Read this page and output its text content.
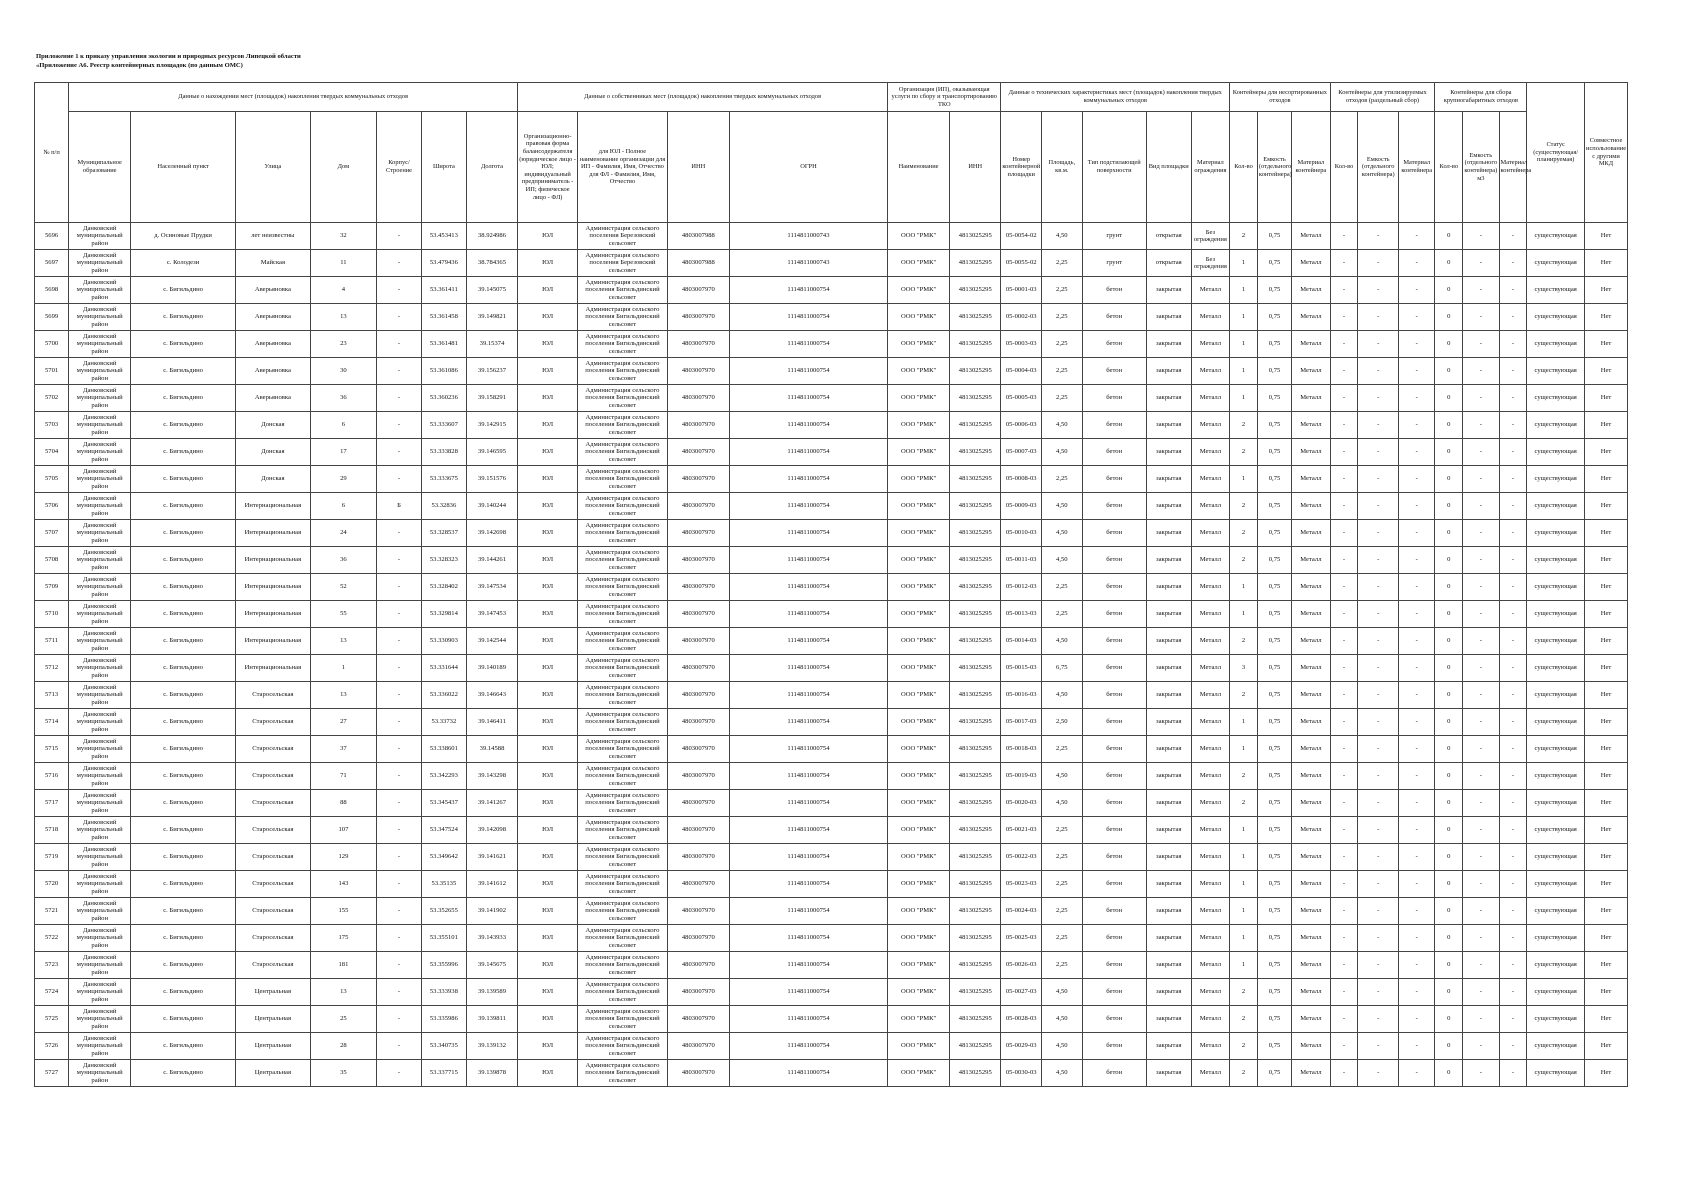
Приложение 1 к приказу управления экологии и природных ресурсов Липецкой области
«Приложение А6. Реестр контейнерных площадок (по данным ОМС)
№ п/п	Данные о нахождении мест (площадок) накопления твердых коммунальных отходов							Данные о собственниках мест (площадок) накопления твердых коммунальных отходов				Организация (ИП), оказывающая услуги по сбору и транспортированию ТКО		Данные о технических характеристиках мест (площадок) накопления твердых коммунальных отходов					Контейнеры для несортированных отходов			Контейнеры для утилизируемых отходов (раздельный сбор)			Контейнеры для сбора крупногабаритных отходов			Статус (существующая/ планируемая)	Совместное использование с другими МКД
	Муниципальное образование	Населенный пункт	Улица	Дом	Корпус/Строение	Широта	Долгота	Организационно-правовая форма балансодержателя (юридическое лицо - ЮЛ; индивидуальный предприниматель - ИП; физическое лицо - ФЛ)	для ЮЛ - Полное наименование организации для ИП - Фамилия, Имя, Отчество для ФЛ - Фамилия, Имя, Отчество	ИНН	ОГРН	Наименование	ИНН	Номер контейнерной площадки	Площадь, кв.м.	Тип подстилающей поверхности	Вид площадки	Материал ограждения	Кол-во	Емкость (отдельного контейнера)	Материал контейнера	Кол-во	Емкость (отдельного контейнера)	Материал контейнера	Кол-во	Емкость (отдельного контейнера) м3	Материал контейнера		
5696	Данковский муниципальный район	д. Осиновые Прудки	лет неизвестны	32	-	53.453413	38.924986	ЮЛ	Администрация сельского поселения Березовский сельсовет	4803007988	1114811000743	ООО "РМК"	4813025295	05-0054-02	4,50	грунт	открытая	Без ограждения	2	0,75	Металл	-	-	-	0	-	-	существующая	Нет
5697	Данковский муниципальный район	с. Колодези	Майская	11	-	53.479436	38.784365	ЮЛ	Администрация сельского поселения Березовский сельсовет	4803007988	1114811000743	ООО "РМК"	4813025295	05-0055-02	2,25	грунт	открытая	Без ограждения	1	0,75	Металл	-	-	-	0	-	-	существующая	Нет
5698	Данковский муниципальный район	с. Бигильдино	Аверьяновка	4	-	53.361411	39.145075	ЮЛ	Администрация сельского поселения Бигильдинский сельсовет	4803007970	1114811000754	ООО "РМК"	4813025295	05-0001-03	2,25	бетон	закрытая	Металл	1	0,75	Металл	-	-	-	0	-	-	существующая	Нет
5699	Данковский муниципальный район	с. Бигильдино	Аверьяновка	13	-	53.361458	39.149821	ЮЛ	Администрация сельского поселения Бигильдинский сельсовет	4803007970	1114811000754	ООО "РМК"	4813025295	05-0002-03	2,25	бетон	закрытая	Металл	1	0,75	Металл	-	-	-	0	-	-	существующая	Нет
5700	Данковский муниципальный район	с. Бигильдино	Аверьяновка	23	-	53.361481	39.15374	ЮЛ	Администрация сельского поселения Бигильдинский сельсовет	4803007970	1114811000754	ООО "РМК"	4813025295	05-0003-03	2,25	бетон	закрытая	Металл	1	0,75	Металл	-	-	-	0	-	-	существующая	Нет
5701	Данковский муниципальный район	с. Бигильдино	Аверьяновка	30	-	53.361086	39.156237	ЮЛ	Администрация сельского поселения Бигильдинский сельсовет	4803007970	1114811000754	ООО "РМК"	4813025295	05-0004-03	2,25	бетон	закрытая	Металл	1	0,75	Металл	-	-	-	0	-	-	существующая	Нет
5702	Данковский муниципальный район	с. Бигильдино	Аверьяновка	36	-	53.360236	39.158291	ЮЛ	Администрация сельского поселения Бигильдинский сельсовет	4803007970	1114811000754	ООО "РМК"	4813025295	05-0005-03	2,25	бетон	закрытая	Металл	1	0,75	Металл	-	-	-	0	-	-	существующая	Нет
5703	Данковский муниципальный район	с. Бигильдино	Донская	6	-	53.333607	39.142915	ЮЛ	Администрация сельского поселения Бигильдинский сельсовет	4803007970	1114811000754	ООО "РМК"	4813025295	05-0006-03	4,50	бетон	закрытая	Металл	2	0,75	Металл	-	-	-	0	-	-	существующая	Нет
5704	Данковский муниципальный район	с. Бигильдино	Донская	17	-	53.333828	39.146595	ЮЛ	Администрация сельского поселения Бигильдинский сельсовет	4803007970	1114811000754	ООО "РМК"	4813025295	05-0007-03	4,50	бетон	закрытая	Металл	2	0,75	Металл	-	-	-	0	-	-	существующая	Нет
5705	Данковский муниципальный район	с. Бигильдино	Донская	29	-	53.333675	39.151576	ЮЛ	Администрация сельского поселения Бигильдинский сельсовет	4803007970	1114811000754	ООО "РМК"	4813025295	05-0008-03	2,25	бетон	закрытая	Металл	1	0,75	Металл	-	-	-	0	-	-	существующая	Нет
5706	Данковский муниципальный район	с. Бигильдино	Интернациональная	6	Б	53.32836	39.140244	ЮЛ	Администрация сельского поселения Бигильдинский сельсовет	4803007970	1114811000754	ООО "РМК"	4813025295	05-0009-03	4,50	бетон	закрытая	Металл	2	0,75	Металл	-	-	-	0	-	-	существующая	Нет
5707	Данковский муниципальный район	с. Бигильдино	Интернациональная	24	-	53.328537	39.142698	ЮЛ	Администрация сельского поселения Бигильдинский сельсовет	4803007970	1114811000754	ООО "РМК"	4813025295	05-0010-03	4,50	бетон	закрытая	Металл	2	0,75	Металл	-	-	-	0	-	-	существующая	Нет
5708	Данковский муниципальный район	с. Бигильдино	Интернациональная	36	-	53.328323	39.144261	ЮЛ	Администрация сельского поселения Бигильдинский сельсовет	4803007970	1114811000754	ООО "РМК"	4813025295	05-0011-03	4,50	бетон	закрытая	Металл	2	0,75	Металл	-	-	-	0	-	-	существующая	Нет
5709	Данковский муниципальный район	с. Бигильдино	Интернациональная	52	-	53.328402	39.147534	ЮЛ	Администрация сельского поселения Бигильдинский сельсовет	4803007970	1114811000754	ООО "РМК"	4813025295	05-0012-03	2,25	бетон	закрытая	Металл	1	0,75	Металл	-	-	-	0	-	-	существующая	Нет
5710	Данковский муниципальный район	с. Бигильдино	Интернациональная	55	-	53.329814	39.147453	ЮЛ	Администрация сельского поселения Бигильдинский сельсовет	4803007970	1114811000754	ООО "РМК"	4813025295	05-0013-03	2,25	бетон	закрытая	Металл	1	0,75	Металл	-	-	-	0	-	-	существующая	Нет
5711	Данковский муниципальный район	с. Бигильдино	Интернациональная	13	-	53.330903	39.142544	ЮЛ	Администрация сельского поселения Бигильдинский сельсовет	4803007970	1114811000754	ООО "РМК"	4813025295	05-0014-03	4,50	бетон	закрытая	Металл	2	0,75	Металл	-	-	-	0	-	-	существующая	Нет
5712	Данковский муниципальный район	с. Бигильдино	Интернациональная	1	-	53.331644	39.140189	ЮЛ	Администрация сельского поселения Бигильдинский сельсовет	4803007970	1114811000754	ООО "РМК"	4813025295	05-0015-03	6,75	бетон	закрытая	Металл	3	0,75	Металл	-	-	-	0	-	-	существующая	Нет
5713	Данковский муниципальный район	с. Бигильдино	Старосельская	13	-	53.336022	39.146643	ЮЛ	Администрация сельского поселения Бигильдинский сельсовет	4803007970	1114811000754	ООО "РМК"	4813025295	05-0016-03	4,50	бетон	закрытая	Металл	2	0,75	Металл	-	-	-	0	-	-	существующая	Нет
5714	Данковский муниципальный район	с. Бигильдино	Старосельская	27	-	53.33732	39.146411	ЮЛ	Администрация сельского поселения Бигильдинский сельсовет	4803007970	1114811000754	ООО "РМК"	4813025295	05-0017-03	2,50	бетон	закрытая	Металл	1	0,75	Металл	-	-	-	0	-	-	существующая	Нет
5715	Данковский муниципальный район	с. Бигильдино	Старосельская	37	-	53.338601	39.14588	ЮЛ	Администрация сельского поселения Бигильдинский сельсовет	4803007970	1114811000754	ООО "РМК"	4813025295	05-0018-03	2,25	бетон	закрытая	Металл	1	0,75	Металл	-	-	-	0	-	-	существующая	Нет
5716	Данковский муниципальный район	с. Бигильдино	Старосельская	71	-	53.342293	39.143298	ЮЛ	Администрация сельского поселения Бигильдинский сельсовет	4803007970	1114811000754	ООО "РМК"	4813025295	05-0019-03	4,50	бетон	закрытая	Металл	2	0,75	Металл	-	-	-	0	-	-	существующая	Нет
5717	Данковский муниципальный район	с. Бигильдино	Старосельская	88	-	53.345437	39.141267	ЮЛ	Администрация сельского поселения Бигильдинский сельсовет	4803007970	1114811000754	ООО "РМК"	4813025295	05-0020-03	4,50	бетон	закрытая	Металл	2	0,75	Металл	-	-	-	0	-	-	существующая	Нет
5718	Данковский муниципальный район	с. Бигильдино	Старосельская	107	-	53.347524	39.142098	ЮЛ	Администрация сельского поселения Бигильдинский сельсовет	4803007970	1114811000754	ООО "РМК"	4813025295	05-0021-03	2,25	бетон	закрытая	Металл	1	0,75	Металл	-	-	-	0	-	-	существующая	Нет
5719	Данковский муниципальный район	с. Бигильдино	Старосельская	129	-	53.349642	39.141621	ЮЛ	Администрация сельского поселения Бигильдинский сельсовет	4803007970	1114811000754	ООО "РМК"	4813025295	05-0022-03	2,25	бетон	закрытая	Металл	1	0,75	Металл	-	-	-	0	-	-	существующая	Нет
5720	Данковский муниципальный район	с. Бигильдино	Старосельская	143	-	53.35135	39.141612	ЮЛ	Администрация сельского поселения Бигильдинский сельсовет	4803007970	1114811000754	ООО "РМК"	4813025295	05-0023-03	2,25	бетон	закрытая	Металл	1	0,75	Металл	-	-	-	0	-	-	существующая	Нет
5721	Данковский муниципальный район	с. Бигильдино	Старосельская	155	-	53.352655	39.141902	ЮЛ	Администрация сельского поселения Бигильдинский сельсовет	4803007970	1114811000754	ООО "РМК"	4813025295	05-0024-03	2,25	бетон	закрытая	Металл	1	0,75	Металл	-	-	-	0	-	-	существующая	Нет
5722	Данковский муниципальный район	с. Бигильдино	Старосельская	175	-	53.355101	39.143933	ЮЛ	Администрация сельского поселения Бигильдинский сельсовет	4803007970	1114811000754	ООО "РМК"	4813025295	05-0025-03	2,25	бетон	закрытая	Металл	1	0,75	Металл	-	-	-	0	-	-	существующая	Нет
5723	Данковский муниципальный район	с. Бигильдино	Старосельская	181	-	53.355996	39.145675	ЮЛ	Администрация сельского поселения Бигильдинский сельсовет	4803007970	1114811000754	ООО "РМК"	4813025295	05-0026-03	2,25	бетон	закрытая	Металл	1	0,75	Металл	-	-	-	0	-	-	существующая	Нет
5724	Данковский муниципальный район	с. Бигильдино	Центральная	13	-	53.333938	39.139589	ЮЛ	Администрация сельского поселения Бигильдинский сельсовет	4803007970	1114811000754	ООО "РМК"	4813025295	05-0027-03	4,50	бетон	закрытая	Металл	2	0,75	Металл	-	-	-	0	-	-	существующая	Нет
5725	Данковский муниципальный район	с. Бигильдино	Центральная	25	-	53.335986	39.139811	ЮЛ	Администрация сельского поселения Бигильдинский сельсовет	4803007970	1114811000754	ООО "РМК"	4813025295	05-0028-03	4,50	бетон	закрытая	Металл	2	0,75	Металл	-	-	-	0	-	-	существующая	Нет
5726	Данковский муниципальный район	с. Бигильдино	Центральная	28	-	53.340735	39.139132	ЮЛ	Администрация сельского поселения Бигильдинский сельсовет	4803007970	1114811000754	ООО "РМК"	4813025295	05-0029-03	4,50	бетон	закрытая	Металл	2	0,75	Металл	-	-	-	0	-	-	существующая	Нет
5727	Данковский муниципальный район	с. Бигильдино	Центральная	35	-	53.337715	39.139878	ЮЛ	Администрация сельского поселения Бигильдинский сельсовет	4803007970	1114811000754	ООО "РМК"	4813025295	05-0030-03	4,50	бетон	закрытая	Металл	2	0,75	Металл	-	-	-	0	-	-	существующая	Нет
